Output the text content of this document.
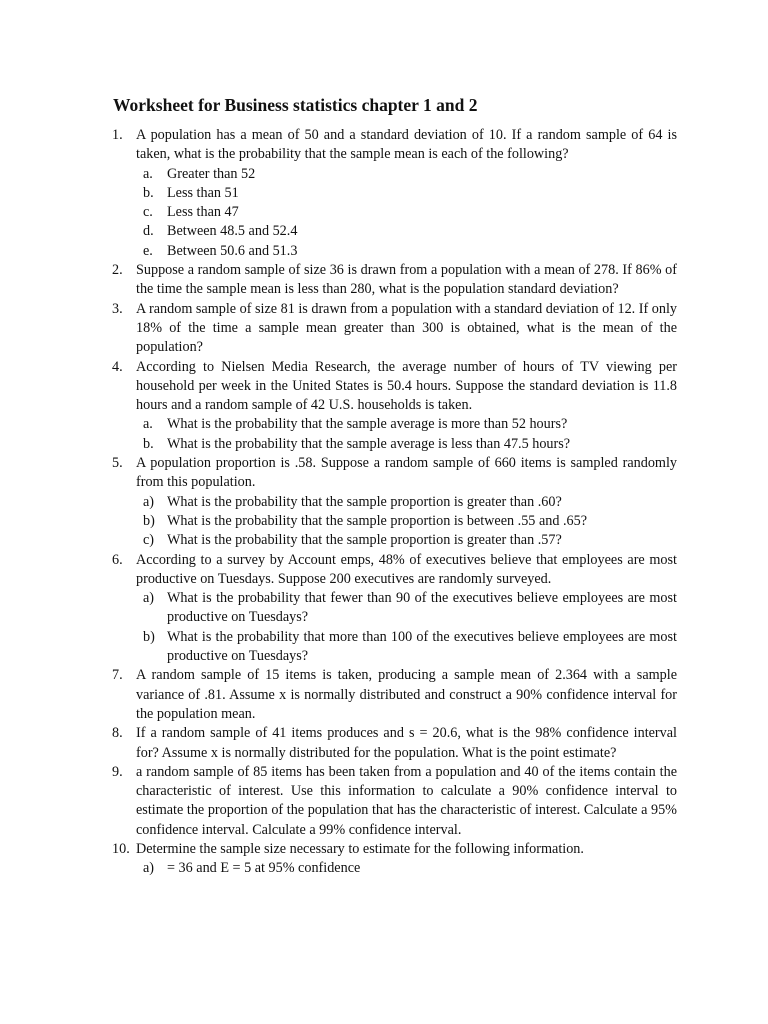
Worksheet for Business statistics chapter 1 and 2
1. A population has a mean of 50 and a standard deviation of 10. If a random sample of 64 is taken, what is the probability that the sample mean is each of the following?
a. Greater than 52
b. Less than 51
c. Less than 47
d. Between 48.5 and 52.4
e. Between 50.6 and 51.3
2. Suppose a random sample of size 36 is drawn from a population with a mean of 278. If 86% of the time the sample mean is less than 280, what is the population standard deviation?
3. A random sample of size 81 is drawn from a population with a standard deviation of 12. If only 18% of the time a sample mean greater than 300 is obtained, what is the mean of the population?
4. According to Nielsen Media Research, the average number of hours of TV viewing per household per week in the United States is 50.4 hours. Suppose the standard deviation is 11.8 hours and a random sample of 42 U.S. households is taken.
a. What is the probability that the sample average is more than 52 hours?
b. What is the probability that the sample average is less than 47.5 hours?
5. A population proportion is .58. Suppose a random sample of 660 items is sampled randomly from this population.
a) What is the probability that the sample proportion is greater than .60?
b) What is the probability that the sample proportion is between .55 and .65?
c) What is the probability that the sample proportion is greater than .57?
6. According to a survey by Account emps, 48% of executives believe that employees are most productive on Tuesdays. Suppose 200 executives are randomly surveyed.
a) What is the probability that fewer than 90 of the executives believe employees are most productive on Tuesdays?
b) What is the probability that more than 100 of the executives believe employees are most productive on Tuesdays?
7. A random sample of 15 items is taken, producing a sample mean of 2.364 with a sample variance of .81. Assume x is normally distributed and construct a 90% confidence interval for the population mean.
8. If a random sample of 41 items produces and s = 20.6, what is the 98% confidence interval for? Assume x is normally distributed for the population. What is the point estimate?
9. a random sample of 85 items has been taken from a population and 40 of the items contain the characteristic of interest. Use this information to calculate a 90% confidence interval to estimate the proportion of the population that has the characteristic of interest. Calculate a 95% confidence interval. Calculate a 99% confidence interval.
10. Determine the sample size necessary to estimate for the following information.
a) = 36 and E = 5 at 95% confidence
